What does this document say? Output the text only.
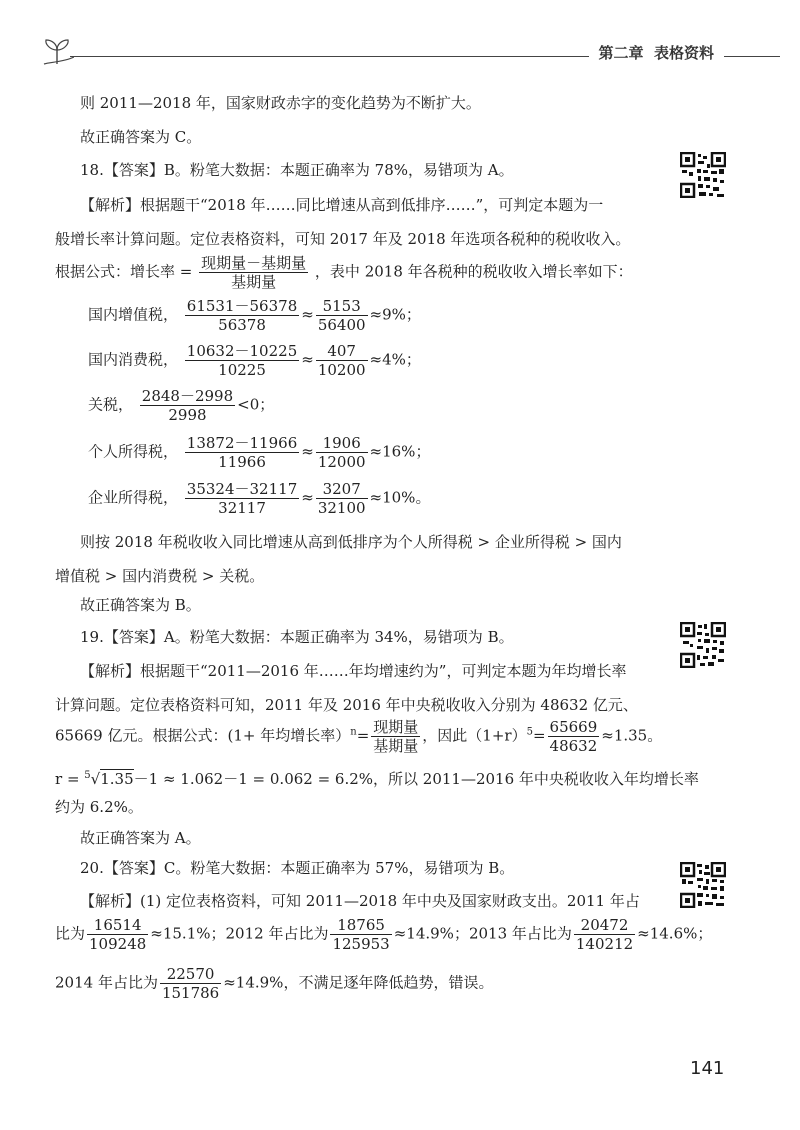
第二章 表格资料
则 2011—2018 年，国家财政赤字的变化趋势为不断扩大。
故正确答案为 C。
18.【答案】B。粉笔大数据：本题正确率为 78%，易错项为 A。
【解析】根据题干“2018 年……同比增速从高到低排序……”，可判定本题为一
般增长率计算问题。定位表格资料，可知 2017 年及 2018 年选项各税种的税收收入。
根据公式：增长率 = $\frac{\text{现期量－基期量}}{\text{基期量}}$ ，表中 2018 年各税种的税收收入增长率如下：
国内增值税， $\frac{61531-56378}{56378} \approx \frac{5153}{56400} \approx 9\%$；
国内消费税， $\frac{10632-10225}{10225} \approx \frac{407}{10200} \approx 4\%$；
关税， $\frac{2848-2998}{2998} <0$；
个人所得税， $\frac{13872-11966}{11966} \approx \frac{1906}{12000} \approx 16\%$；
企业所得税， $\frac{35324-32117}{32117} \approx \frac{3207}{32100} \approx 10\%$。
则按 2018 年税收收入同比增速从高到低排序为个人所得税 > 企业所得税 > 国内
增值税 > 国内消费税 > 关税。
故正确答案为 B。
19.【答案】A。粉笔大数据：本题正确率为 34%，易错项为 B。
【解析】根据题干“2011—2016 年……年均增速约为”，可判定本题为年均增长率
计算问题。定位表格资料可知，2011 年及 2016 年中央税收收入分别为 48632 亿元、
65669 亿元。根据公式：(1+ 年均增长率）$^n= \frac{\text{现期量}}{\text{基期量}}$ ，因此$(1+r)^5= \frac{65669}{48632} \approx 1.35$。
r = $^5$√1.35－1 ≈ 1.062－1 = 0.062 = 6.2%，所以 2011—2016 年中央税收收入年均增长率
约为 6.2%。
故正确答案为 A。
20.【答案】C。粉笔大数据：本题正确率为 57%，易错项为 B。
【解析】(1) 定位表格资料，可知 2011—2018 年中央及国家财政支出。2011 年占
比为 $\frac{16514}{109248} \approx 15.1\%$；2012 年占比为 $\frac{18765}{125953} \approx 14.9\%$；2013 年占比为 $\frac{20472}{140212} \approx 14.6\%$；
2014 年占比为 $\frac{22570}{151786} \approx 14.9\%$，不满足逐年降低趋势，错误。
141
